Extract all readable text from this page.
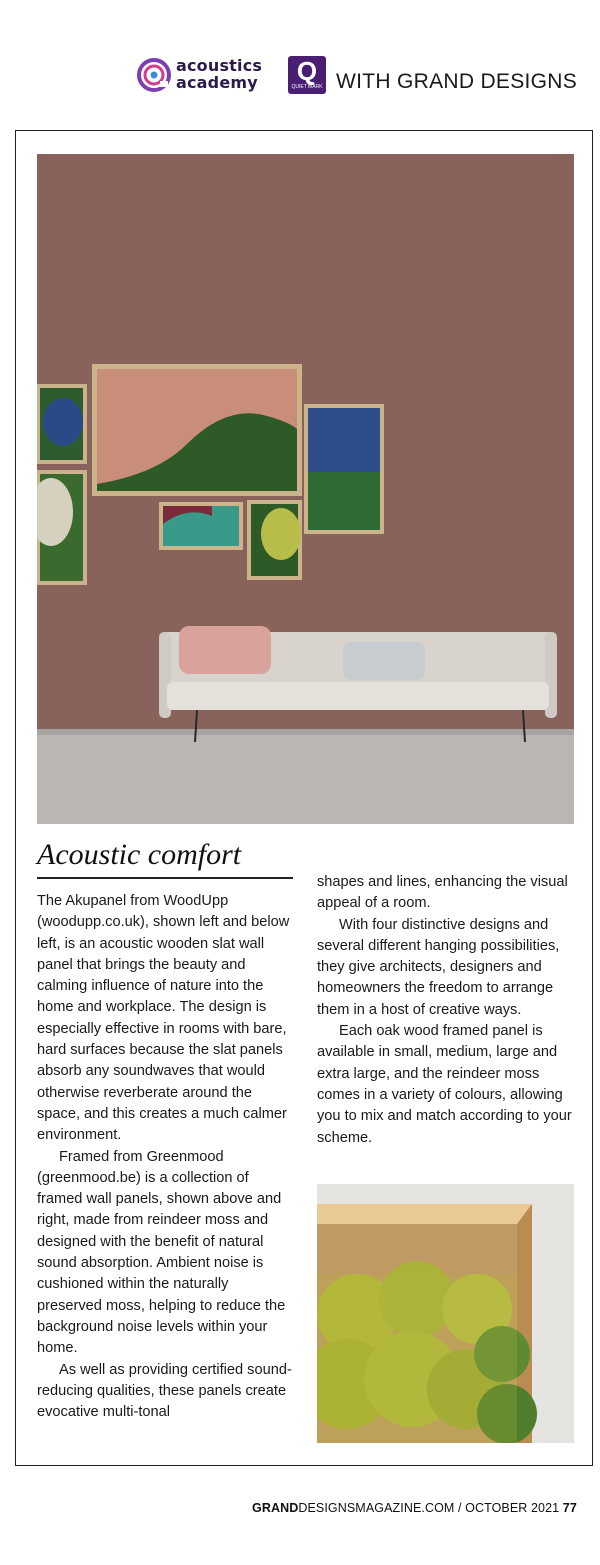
acoustics
academy	Q
QUIET MARK WITH GRAND DESIGNS
Acoustic comfort

The Akupanel from WoodUpp (woodupp.co.uk), shown left and below left, is an acoustic wooden slat wall panel that brings the beauty and calming influence of nature into the home and workplace. The design is especially effective in rooms with bare, hard surfaces because the slat panels absorb any soundwaves that would otherwise reverberate around the space, and this creates a much calmer environment.

Framed from Greenmood (greenmood.be) is a collection of framed wall panels, shown above and right, made from reindeer moss and designed with the benefit of natural sound absorption. Ambient noise is cushioned within the naturally preserved moss, helping to reduce the background noise levels within your home.

As well as providing certified sound-reducing qualities, these panels create evocative multi-tonal

shapes and lines, enhancing the visual appeal of a room.

With four distinctive designs and several different hanging possibilities, they give architects, designers and homeowners the freedom to arrange them in a host of creative ways.

Each oak wood framed panel is available in small, medium, large and extra large, and the reindeer moss comes in a variety of colours, allowing you to mix and match according to your scheme.

GRANDDESIGNSMAGAZINE.COM / OCTOBER 2021 77
